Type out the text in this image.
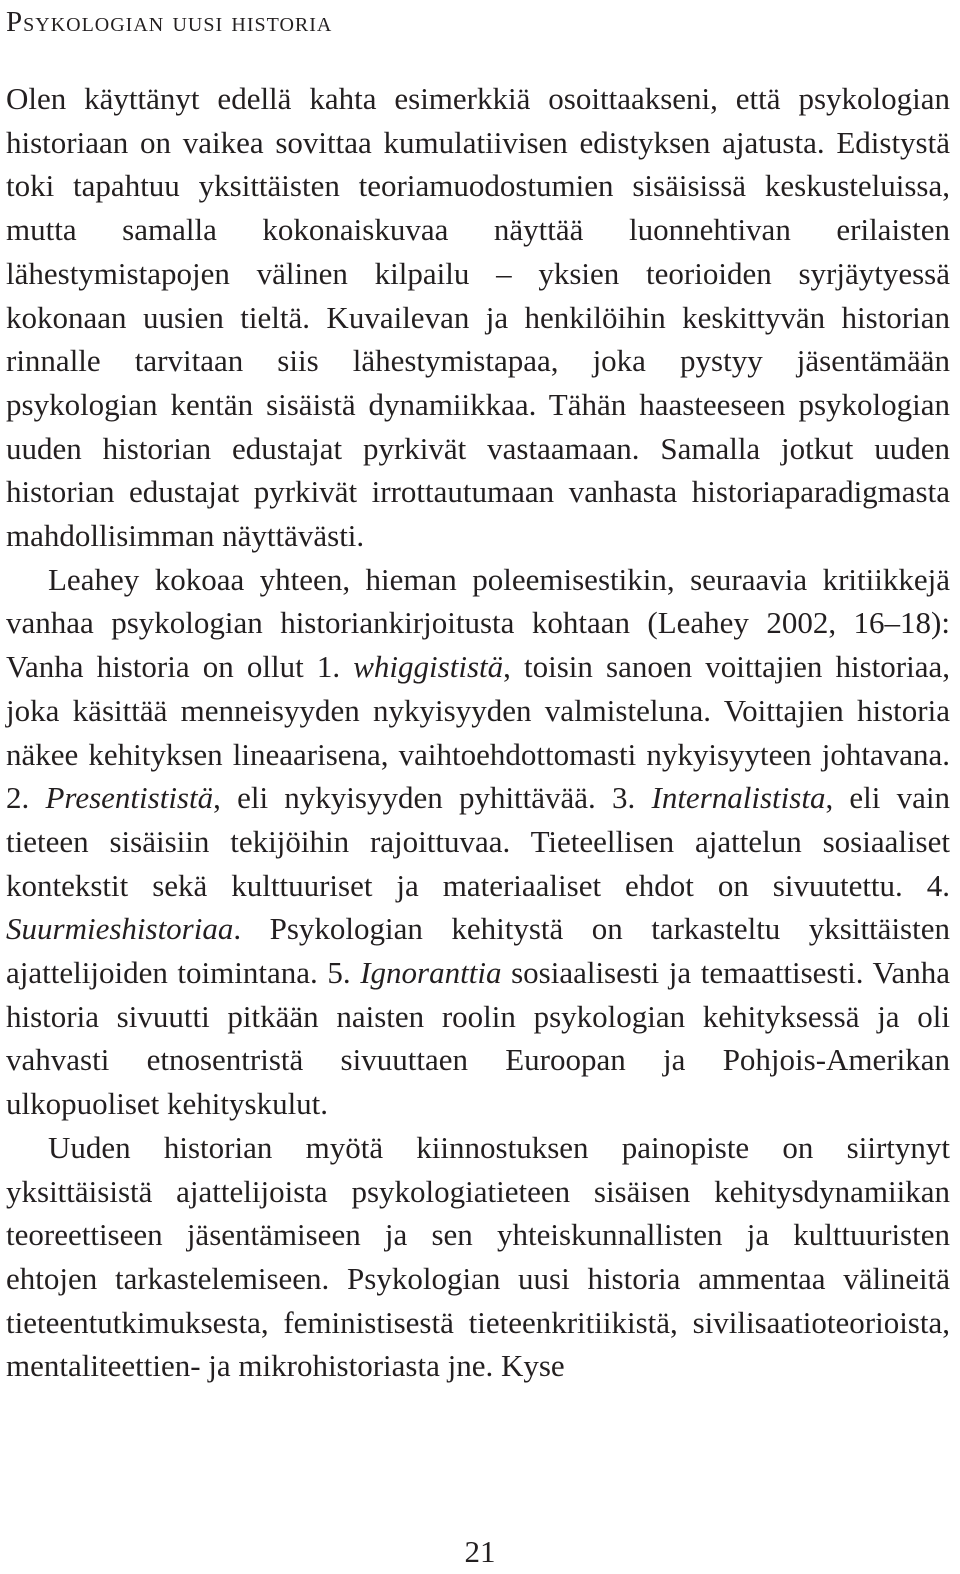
Psykologian uusi historia

Olen käyttänyt edellä kahta esimerkkiä osoittaakseni, että psykologian historiaan on vaikea sovittaa kumulatiivisen edistyksen ajatusta. Edistystä toki tapahtuu yksittäisten teoriamuodostumien sisäisissä keskusteluissa, mutta samalla kokonaiskuvaa näyttää luonnehtivan erilaisten lähestymistapojen välinen kilpailu – yksien teorioiden syrjäytyessä kokonaan uusien tieltä. Kuvailevan ja henkilöihin keskittyvän historian rinnalle tarvitaan siis lähestymistapaa, joka pystyy jäsentämään psykologian kentän sisäistä dynamiikkaa. Tähän haasteeseen psykologian uuden historian edustajat pyrkivät vastaamaan. Samalla jotkut uuden historian edustajat pyrkivät irrottautumaan vanhasta historiaparadigmasta mahdollisimman näyttävästi.

Leahey kokoaa yhteen, hieman poleemisestikin, seuraavia kritiikkejä vanhaa psykologian historiankirjoitusta kohtaan (Leahey 2002, 16–18): Vanha historia on ollut 1. whiggististä, toisin sanoen voittajien historiaa, joka käsittää menneisyyden nykyisyyden valmisteluna. Voittajien historia näkee kehityksen lineaarisena, vaihtoehdottomasti nykyisyyteen johtavana. 2. Presentististä, eli nykyisyyden pyhittävää. 3. Internalistista, eli vain tieteen sisäisiin tekijöihin rajoittuvaa. Tieteellisen ajattelun sosiaaliset kontekstit sekä kulttuuriset ja materiaaliset ehdot on sivuutettu. 4. Suurmieshistoriaa. Psykologian kehitystä on tarkasteltu yksittäisten ajattelijoiden toimintana. 5. Ignoranttia sosiaalisesti ja temaattisesti. Vanha historia sivuutti pitkään naisten roolin psykologian kehityksessä ja oli vahvasti etnosentristä sivuuttaen Euroopan ja Pohjois-Amerikan ulkopuoliset kehityskulut.

Uuden historian myötä kiinnostuksen painopiste on siirtynyt yksittäisistä ajattelijoista psykologiatieteen sisäisen kehitysdynamiikan teoreettiseen jäsentämiseen ja sen yhteiskunnallisten ja kulttuuristen ehtojen tarkastelemiseen. Psykologian uusi historia ammentaa välineitä tieteentutkimuksesta, feministisestä tieteenkritiikistä, sivilisaatioteorioista, mentaliteettien- ja mikrohistoriasta jne. Kyse

21
